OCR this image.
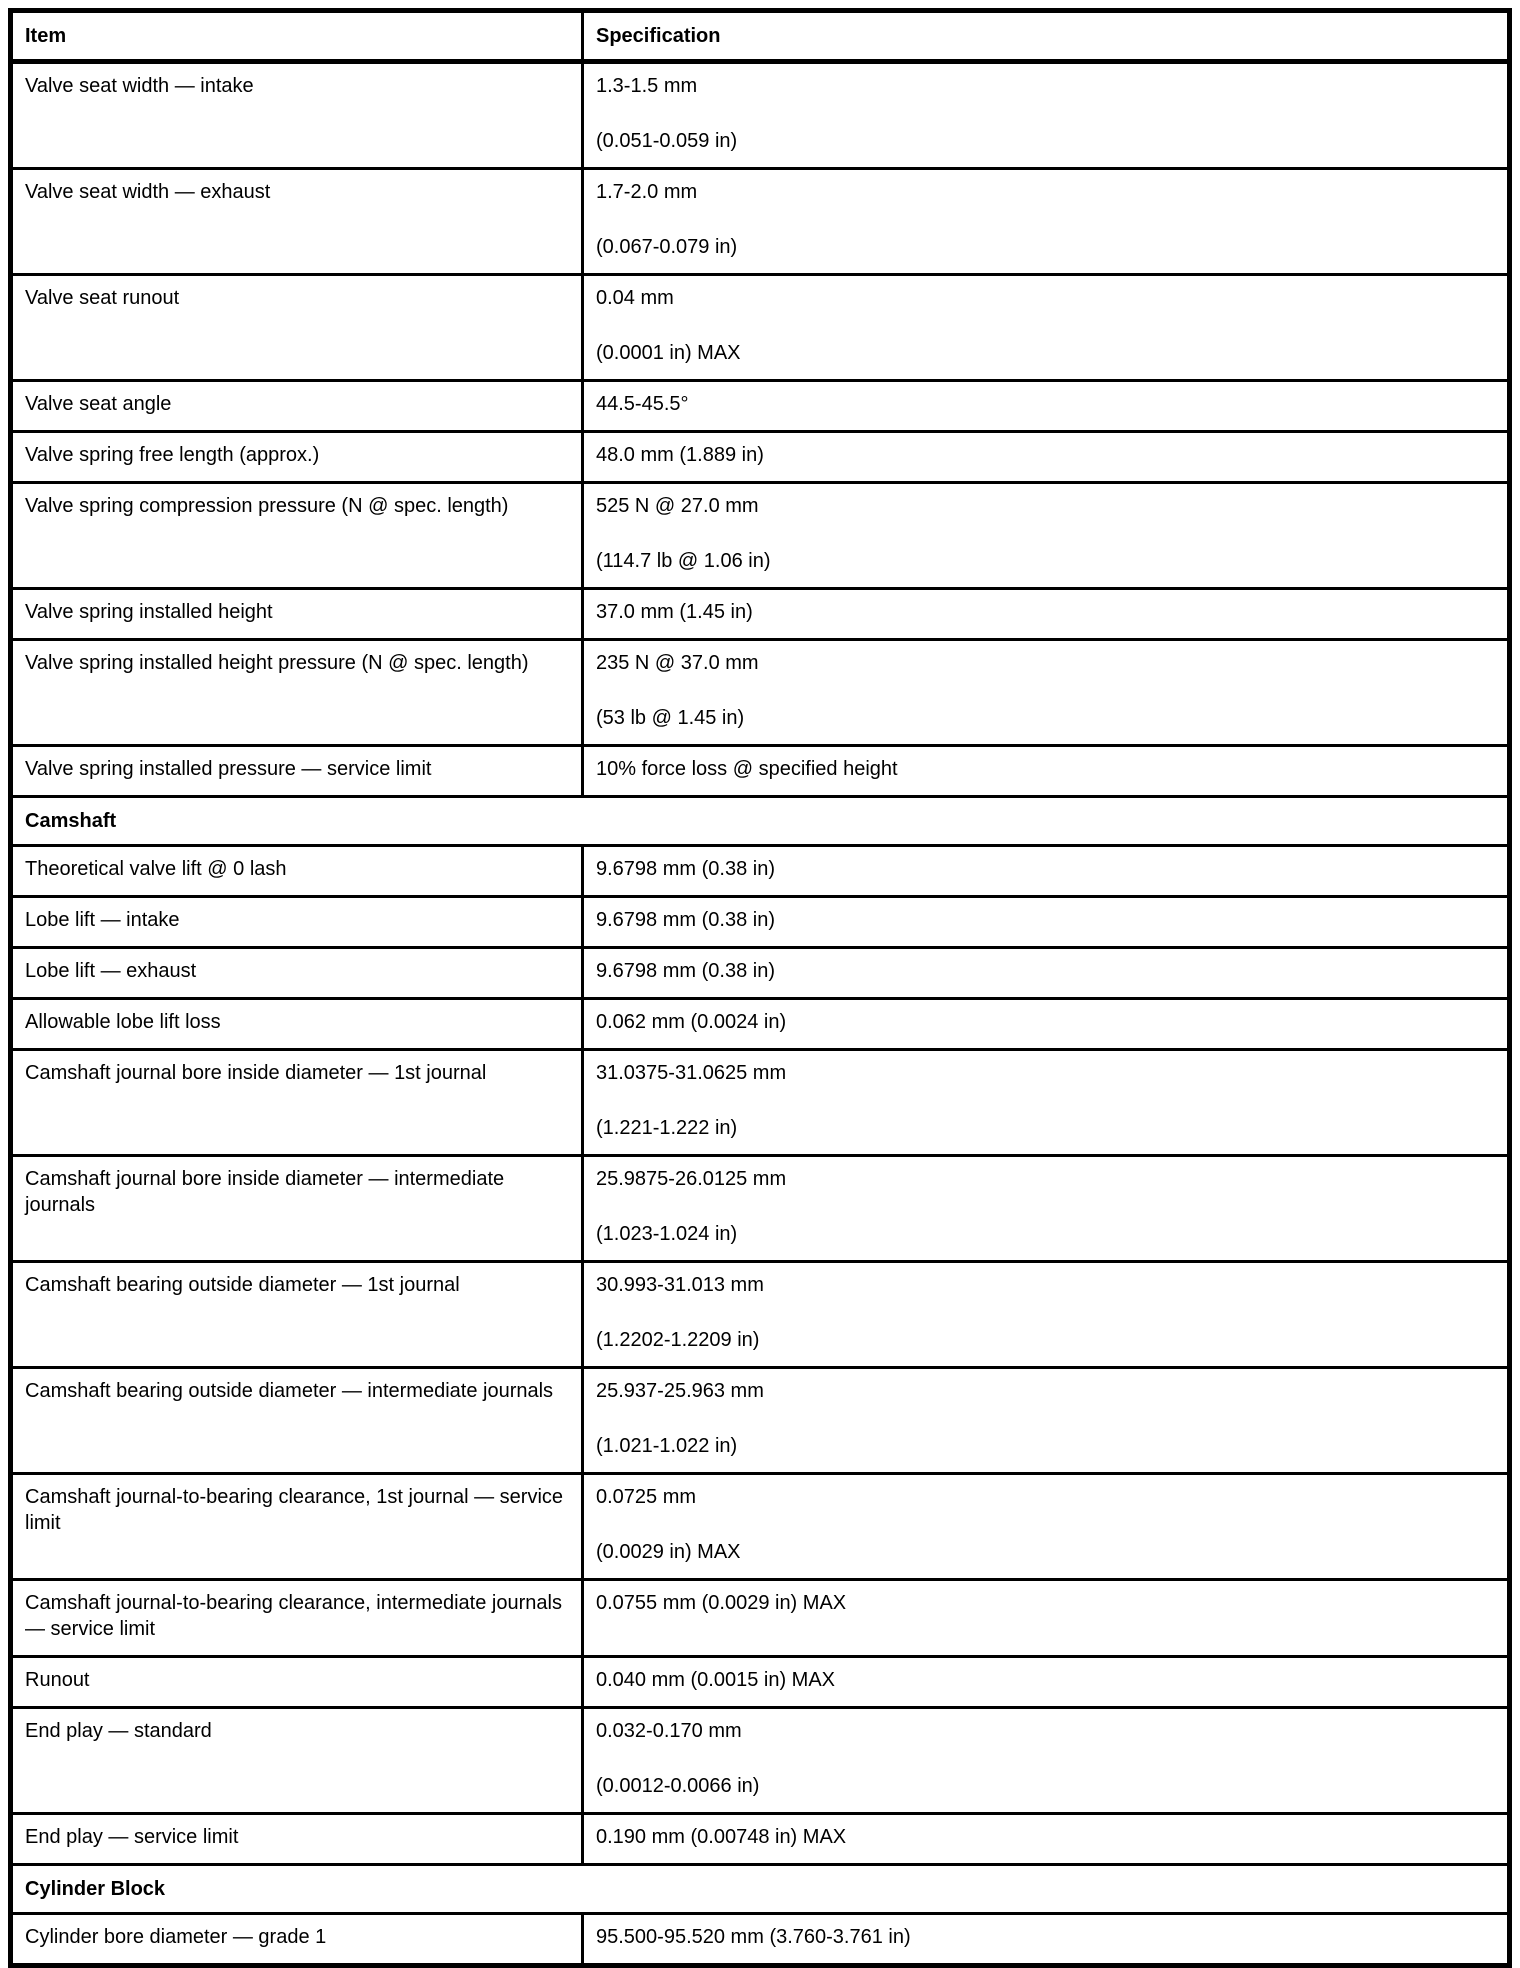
Item	Specification

Valve seat width — intake	1.3-1.5 mm

(0.051-0.059 in)

Valve seat width — exhaust	1.7-2.0 mm

(0.067-0.079 in)

Valve seat runout	0.04 mm

(0.0001 in) MAX

Valve seat angle	44.5-45.5°

Valve spring free length (approx.)	48.0 mm (1.889 in)

Valve spring compression pressure (N @ spec. length)	525 N @ 27.0 mm

(114.7 lb @ 1.06 in)

Valve spring installed height	37.0 mm (1.45 in)

Valve spring installed height pressure (N @ spec. length)	235 N @ 37.0 mm

(53 lb @ 1.45 in)

Valve spring installed pressure — service limit	10% force loss @ specified height

Camshaft	

Theoretical valve lift @ 0 lash	9.6798 mm (0.38 in)

Lobe lift — intake	9.6798 mm (0.38 in)

Lobe lift — exhaust	9.6798 mm (0.38 in)

Allowable lobe lift loss	0.062 mm (0.0024 in)

Camshaft journal bore inside diameter — 1st journal	31.0375-31.0625 mm

(1.221-1.222 in)

Camshaft journal bore inside diameter — intermediate journals	25.9875-26.0125 mm

(1.023-1.024 in)

Camshaft bearing outside diameter — 1st journal	30.993-31.013 mm

(1.2202-1.2209 in)

Camshaft bearing outside diameter — intermediate journals	25.937-25.963 mm

(1.021-1.022 in)

Camshaft journal-to-bearing clearance, 1st journal — service limit	0.0725 mm

(0.0029 in) MAX

Camshaft journal-to-bearing clearance, intermediate journals — service limit	0.0755 mm (0.0029 in) MAX

Runout	0.040 mm (0.0015 in) MAX

End play — standard	0.032-0.170 mm

(0.0012-0.0066 in)

End play — service limit	0.190 mm (0.00748 in) MAX

Cylinder Block	

Cylinder bore diameter — grade 1	95.500-95.520 mm (3.760-3.761 in)
